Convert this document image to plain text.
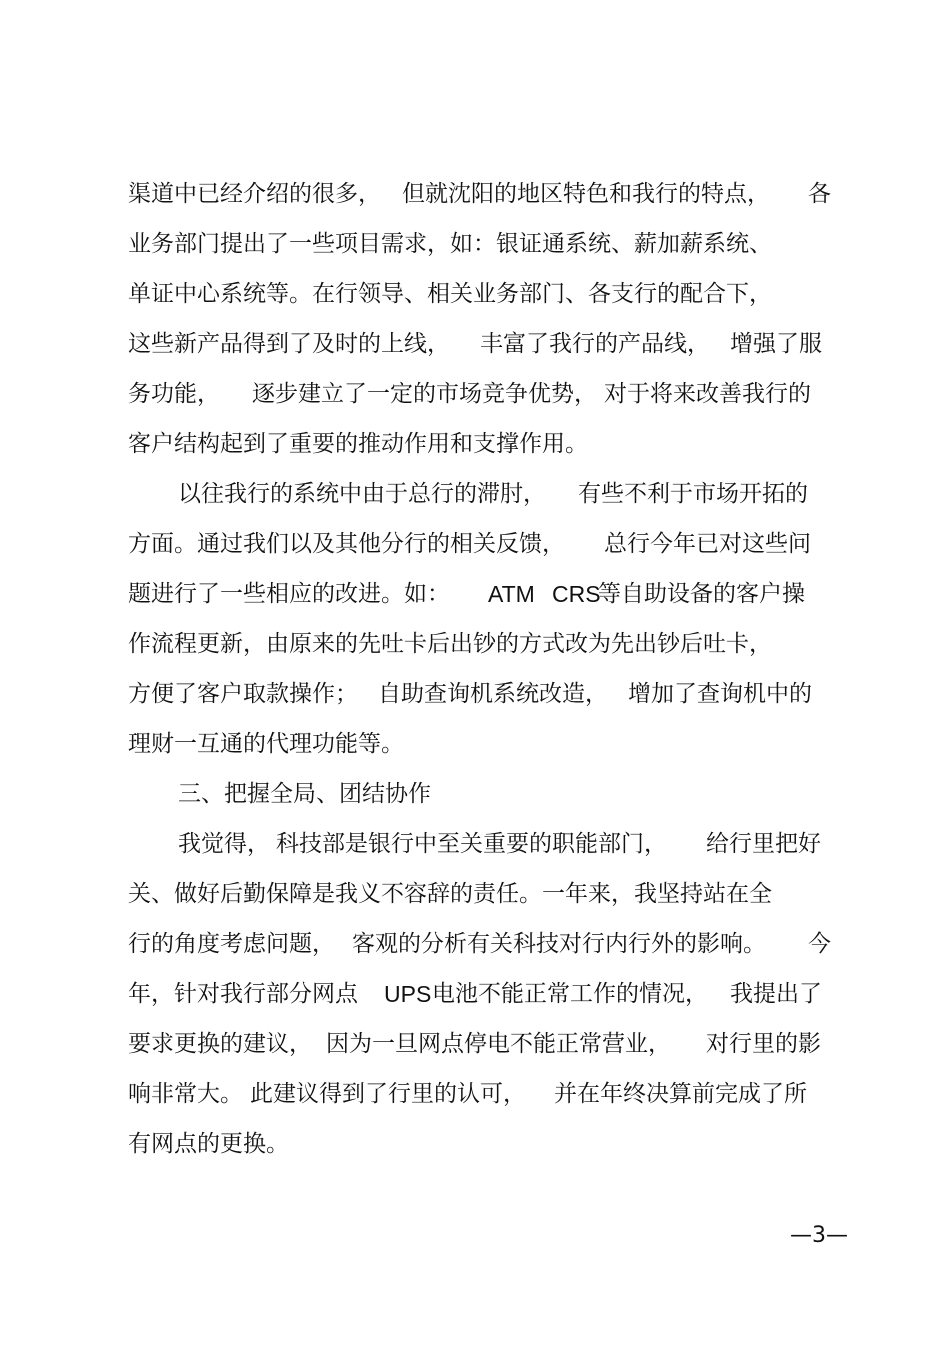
渠道中已经介绍的很多，

但就沈阳的地区特色和我行的特点，

各

业务部门提出了一些项目需求，如：银证通系统、薪加薪系统、

单证中心系统等。在行领导、相关业务部门、各支行的配合下，

这些新产品得到了及时的上线，

丰富了我行的产品线，

增强了服

务功能，

逐步建立了一定的市场竞争优势，

对于将来改善我行的

客户结构起到了重要的推动作用和支撑作用。

以往我行的系统中由于总行的滞肘，

有些不利于市场开拓的

方面。通过我们以及其他分行的相关反馈，

总行今年已对这些问

题进行了一些相应的改进。如：

ATM

CRS

等自助设备的客户操

作流程更新，由原来的先吐卡后出钞的方式改为先出钞后吐卡，

方便了客户取款操作；

自助查询机系统改造，

增加了查询机中的

理财一互通的代理功能等。

三、把握全局、团结协作

我觉得，

科技部是银行中至关重要的职能部门，

给行里把好

关、做好后勤保障是我义不容辞的责任。一年来，我坚持站在全

行的角度考虑问题，

客观的分析有关科技对行内行外的影响。

今

年，针对我行部分网点

UPS

电池不能正常工作的情况，

我提出了

要求更换的建议，

因为一旦网点停电不能正常营业，

对行里的影

响非常大。

此建议得到了行里的认可，

并在年终决算前完成了所

有网点的更换。

—3—
